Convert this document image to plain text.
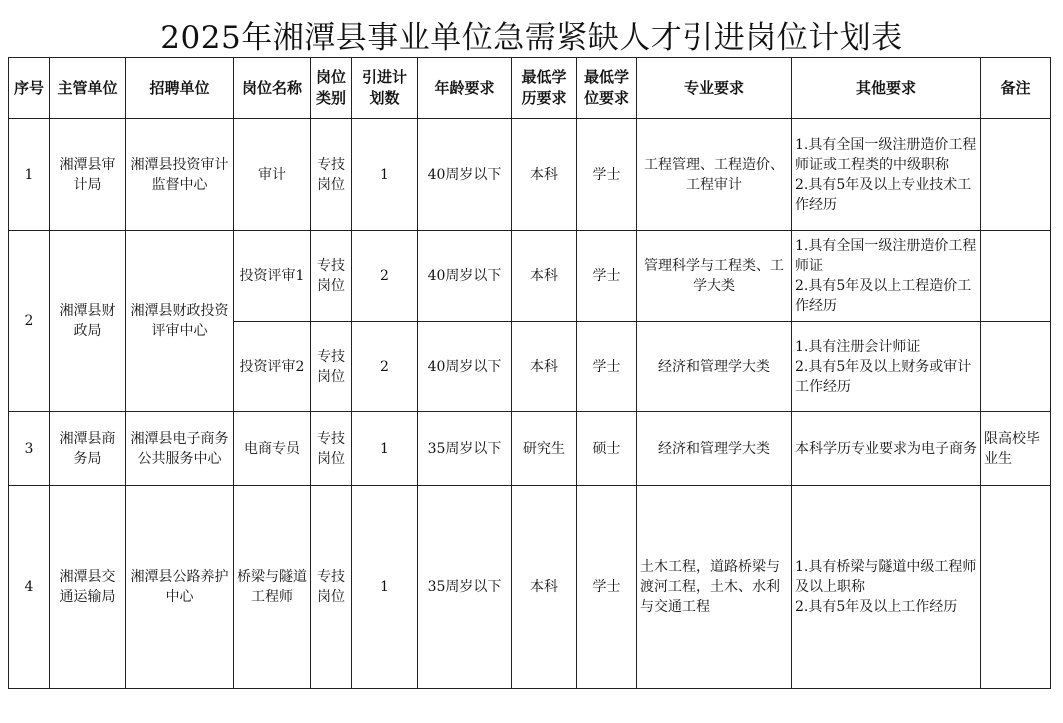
2025年湘潭县事业单位急需紧缺人才引进岗位计划表
序号	主管单位	招聘单位	岗位名称	岗位类别	引进计划数	年龄要求	最低学历要求	最低学位要求	专业要求	其他要求	备注
1	湘潭县审计局	湘潭县投资审计监督中心	审计	专技岗位	1	40周岁以下	本科	学士	工程管理、工程造价、工程审计	1.具有全国一级注册造价工程师证或工程类的中级职称
2.具有5年及以上专业技术工作经历	
2	湘潭县财政局	湘潭县财政投资评审中心	投资评审1	专技岗位	2	40周岁以下	本科	学士	管理科学与工程类、工学大类	1.具有全国一级注册造价工程师证
2.具有5年及以上工程造价工作经历	
			投资评审2	专技岗位	2	40周岁以下	本科	学士	经济和管理学大类	1.具有注册会计师证
2.具有5年及以上财务或审计工作经历	
3	湘潭县商务局	湘潭县电子商务公共服务中心	电商专员	专技岗位	1	35周岁以下	研究生	硕士	经济和管理学大类	本科学历专业要求为电子商务	限高校毕业生
4	湘潭县交通运输局	湘潭县公路养护中心	桥梁与隧道工程师	专技岗位	1	35周岁以下	本科	学士	土木工程，道路桥梁与渡河工程，土木、水利与交通工程	1.具有桥梁与隧道中级工程师及以上职称
2.具有5年及以上工作经历	
